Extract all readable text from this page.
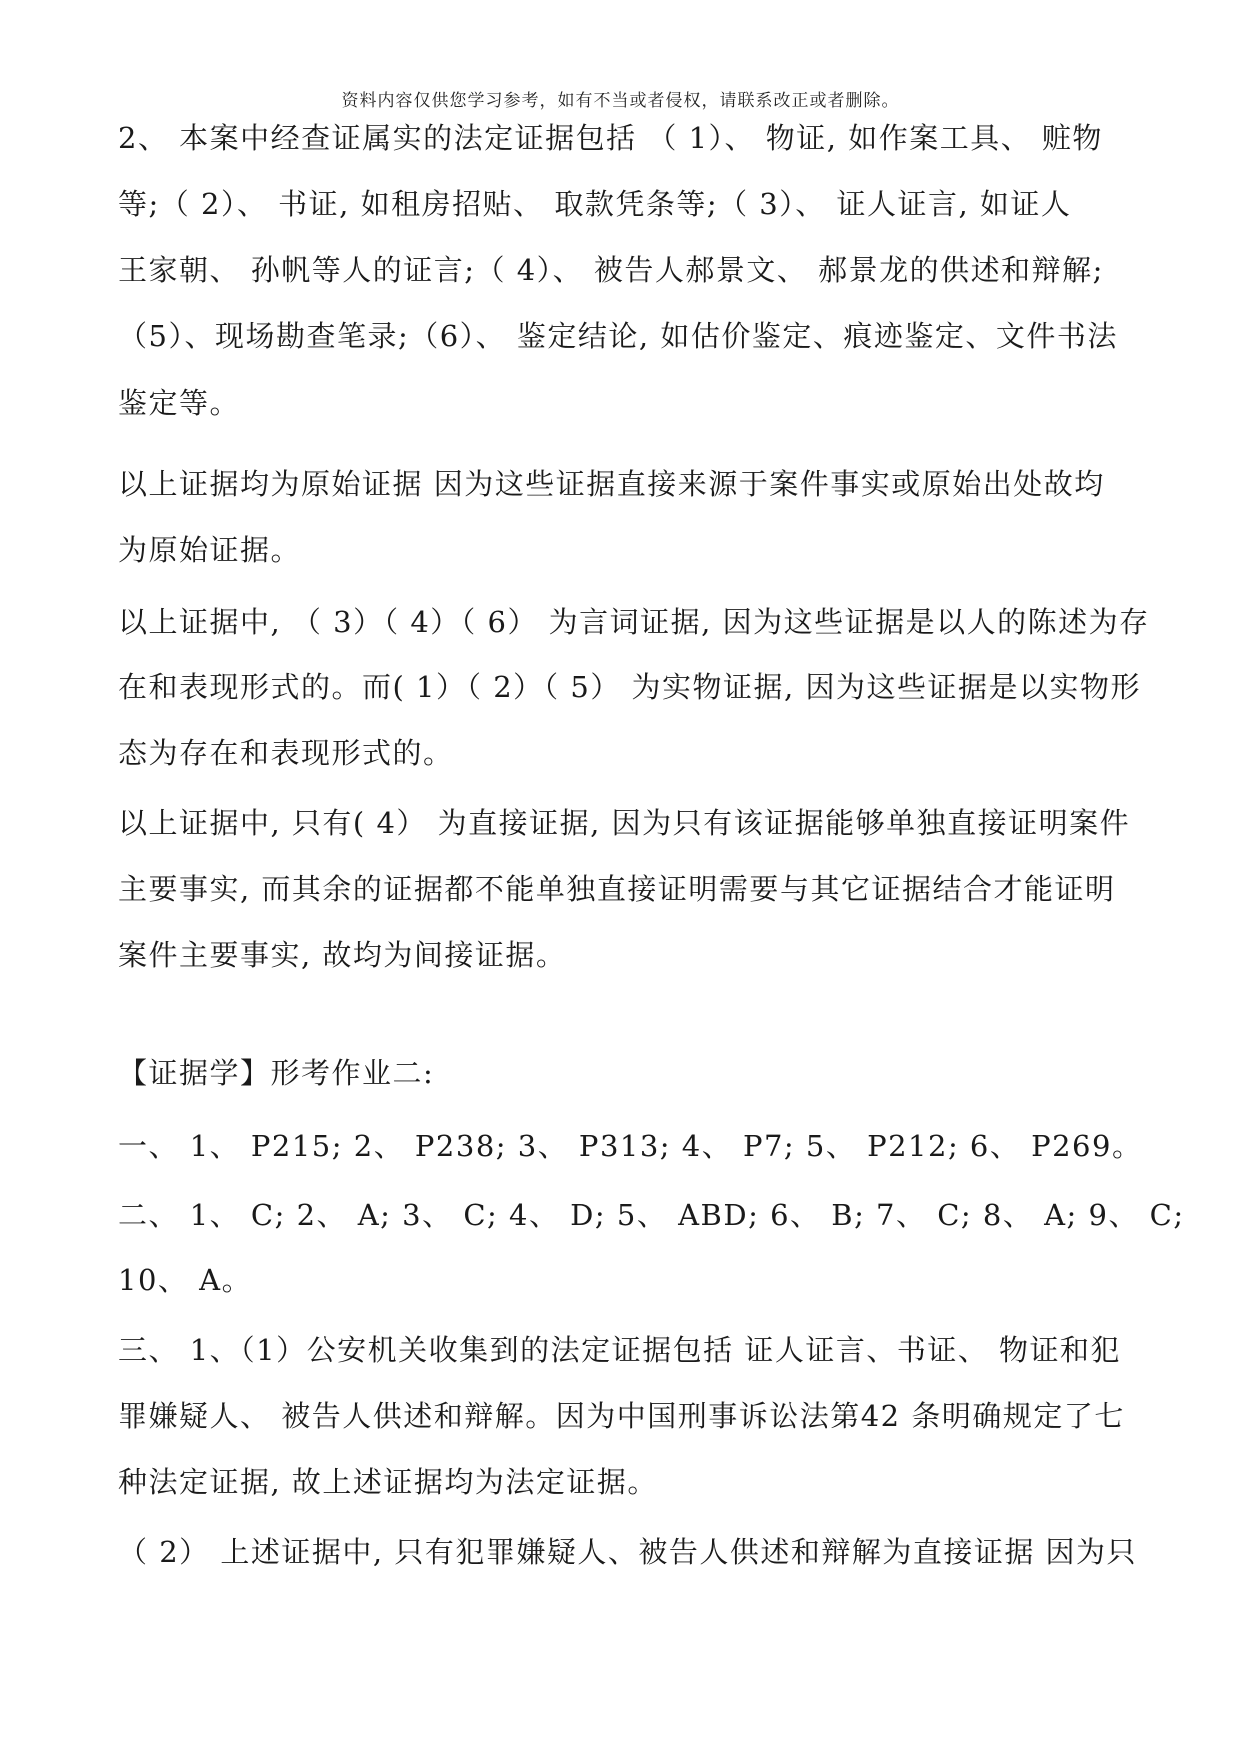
资料内容仅供您学习参考，如有不当或者侵权，请联系改正或者删除。
2、 本案中经查证属实的法定证据包括 （ 1）、 物证, 如作案工具、 赃物
等;（ 2）、 书证, 如租房招贴、 取款凭条等;（ 3）、 证人证言, 如证人
王家朝、 孙帆等人的证言;（ 4）、 被告人郝景文、 郝景龙的供述和辩解;
（5）、现场勘查笔录;（6）、 鉴定结论, 如估价鉴定、痕迹鉴定、文件书法
鉴定等。
以上证据均为原始证据 因为这些证据直接来源于案件事实或原始出处故均
为原始证据。
以上证据中, （ 3）（ 4）（ 6） 为言词证据, 因为这些证据是以人的陈述为存
在和表现形式的。而( 1）（ 2）（ 5） 为实物证据, 因为这些证据是以实物形
态为存在和表现形式的。
以上证据中, 只有( 4） 为直接证据, 因为只有该证据能够单独直接证明案件
主要事实, 而其余的证据都不能单独直接证明需要与其它证据结合才能证明
案件主要事实, 故均为间接证据。
【证据学】形考作业二:
一、 1、 P215; 2、 P238; 3、 P313; 4、 P7; 5、 P212; 6、 P269。
二、 1、 C; 2、 A; 3、 C; 4、 D; 5、 ABD; 6、 B; 7、 C; 8、 A; 9、 C;
10、 A。
三、 1、（1）公安机关收集到的法定证据包括 证人证言、书证、 物证和犯
罪嫌疑人、 被告人供述和辩解。因为中国刑事诉讼法第42 条明确规定了七
种法定证据, 故上述证据均为法定证据。
（ 2） 上述证据中, 只有犯罪嫌疑人、被告人供述和辩解为直接证据 因为只
